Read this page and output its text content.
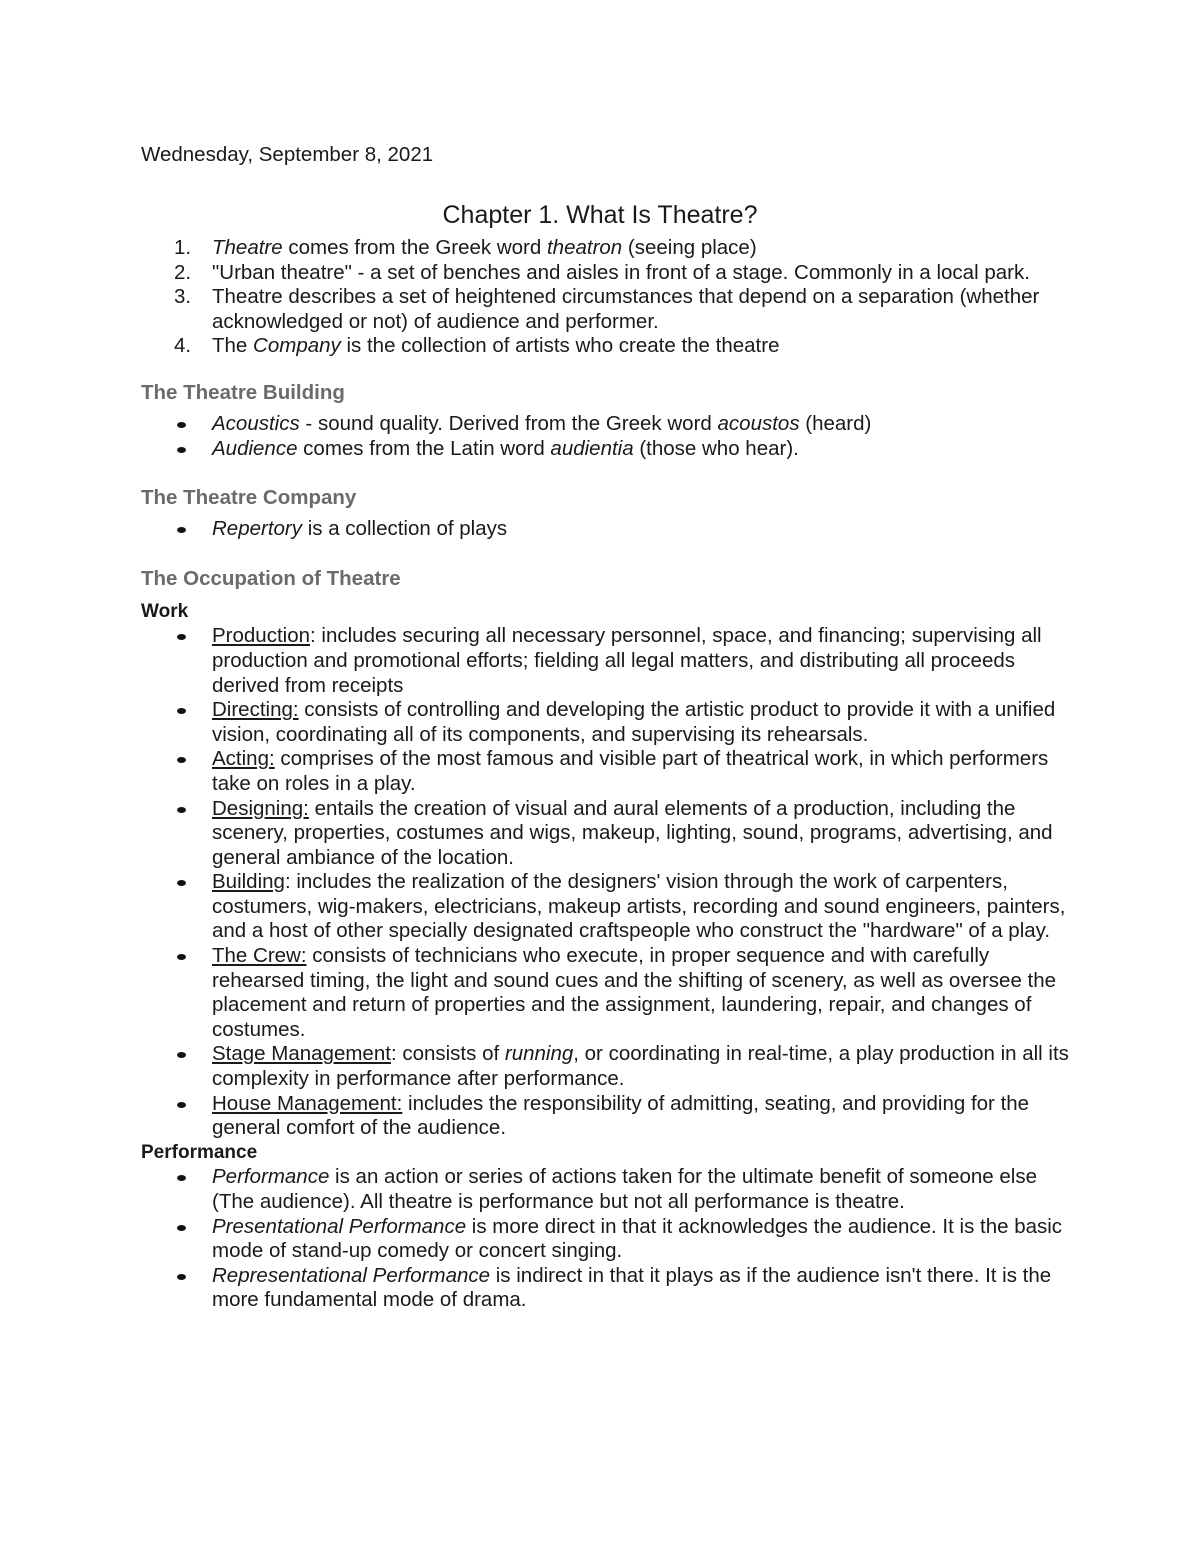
Wednesday, September 8, 2021
Chapter 1. What Is Theatre?
1. Theatre comes from the Greek word theatron (seeing place)
2. "Urban theatre" - a set of benches and aisles in front of a stage. Commonly in a local park.
3. Theatre describes a set of heightened circumstances that depend on a separation (whether acknowledged or not) of audience and performer.
4. The Company is the collection of artists who create the theatre
The Theatre Building
Acoustics - sound quality. Derived from the Greek word acoustos (heard)
Audience comes from the Latin word audientia (those who hear).
The Theatre Company
Repertory is a collection of plays
The Occupation of Theatre
Work
Production: includes securing all necessary personnel, space, and financing; supervising all production and promotional efforts; fielding all legal matters, and distributing all proceeds derived from receipts
Directing: consists of controlling and developing the artistic product to provide it with a unified vision, coordinating all of its components, and supervising its rehearsals.
Acting: comprises of the most famous and visible part of theatrical work, in which performers take on roles in a play.
Designing: entails the creation of visual and aural elements of a production, including the scenery, properties, costumes and wigs, makeup, lighting, sound, programs, advertising, and general ambiance of the location.
Building: includes the realization of the designers' vision through the work of carpenters, costumers, wig-makers, electricians, makeup artists, recording and sound engineers, painters, and a host of other specially designated craftspeople who construct the "hardware" of a play.
The Crew: consists of technicians who execute, in proper sequence and with carefully rehearsed timing, the light and sound cues and the shifting of scenery, as well as oversee the placement and return of properties and the assignment, laundering, repair, and changes of costumes.
Stage Management: consists of running, or coordinating in real-time, a play production in all its complexity in performance after performance.
House Management: includes the responsibility of admitting, seating, and providing for the general comfort of the audience.
Performance
Performance is an action or series of actions taken for the ultimate benefit of someone else (The audience). All theatre is performance but not all performance is theatre.
Presentational Performance is more direct in that it acknowledges the audience. It is the basic mode of stand-up comedy or concert singing.
Representational Performance is indirect in that it plays as if the audience isn't there. It is the more fundamental mode of drama.
